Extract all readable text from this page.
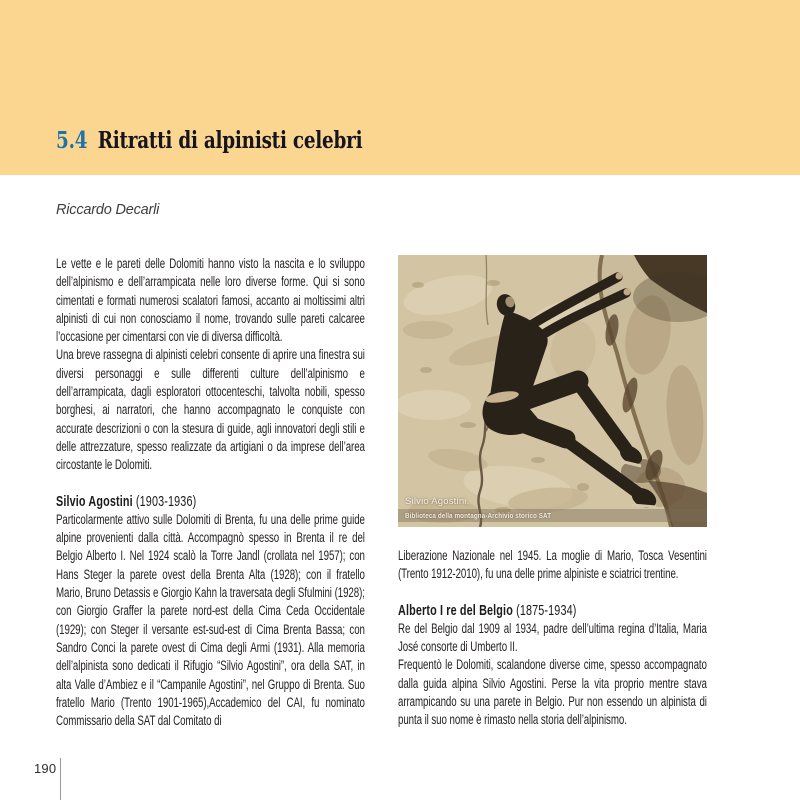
5.4 Ritratti di alpinisti celebri
Riccardo Decarli

Le vette e le pareti delle Dolomiti hanno visto la nascita e lo sviluppo dell’alpinismo e dell’arrampicata nelle loro diverse forme. Qui si sono cimentati e formati numerosi scalatori famosi, accanto ai moltissimi altri alpinisti di cui non conosciamo il nome, trovando sulle pareti calcaree l’occasione per cimentarsi con vie di diversa difficoltà.

Una breve rassegna di alpinisti celebri consente di aprire una finestra sui diversi personaggi e sulle differenti culture dell’alpinismo e dell’arrampicata, dagli esploratori ottocenteschi, talvolta nobili, spesso borghesi, ai narratori, che hanno accompagnato le conquiste con accurate descrizioni o con la stesura di guide, agli innovatori degli stili e delle attrezzature, spesso realizzate da artigiani o da imprese dell’area circostante le Dolomiti.

Silvio Agostini (1903-1936)

Particolarmente attivo sulle Dolomiti di Brenta, fu una delle prime guide alpine provenienti dalla città. Accompagnò spesso in Brenta il re del Belgio Alberto I. Nel 1924 scalò la Torre Jandl (crollata nel 1957); con Hans Steger la parete ovest della Brenta Alta (1928); con il fratello Mario, Bruno Detassis e Giorgio Kahn la traversata degli Sfulmini (1928); con Giorgio Graffer la parete nord-est della Cima Ceda Occidentale (1929); con Steger il versante est-sud-est di Cima Brenta Bassa; con Sandro Conci la parete ovest di Cima degli Armi (1931). Alla memoria dell’alpinista sono dedicati il Rifugio “Silvio Agostini”, ora della SAT, in alta Valle d’Ambiez e il “Campanile Agostini”, nel Gruppo di Brenta. Suo fratello Mario (Trento 1901-1965),Accademico del CAI, fu nominato Commissario della SAT dal Comitato di

Silvio Agostini.
Biblioteca della montagna-Archivio storico SAT

Liberazione Nazionale nel 1945. La moglie di Mario, Tosca Vesentini (Trento 1912-2010), fu una delle prime alpiniste e sciatrici trentine.

Alberto I re del Belgio (1875-1934)

Re del Belgio dal 1909 al 1934, padre dell’ultima regina d’Italia, Maria José consorte di Umberto II.

Frequentò le Dolomiti, scalandone diverse cime, spesso accompagnato dalla guida alpina Silvio Agostini. Perse la vita proprio mentre stava arrampicando su una parete in Belgio. Pur non essendo un alpinista di punta il suo nome è rimasto nella storia dell’alpinismo.

190
